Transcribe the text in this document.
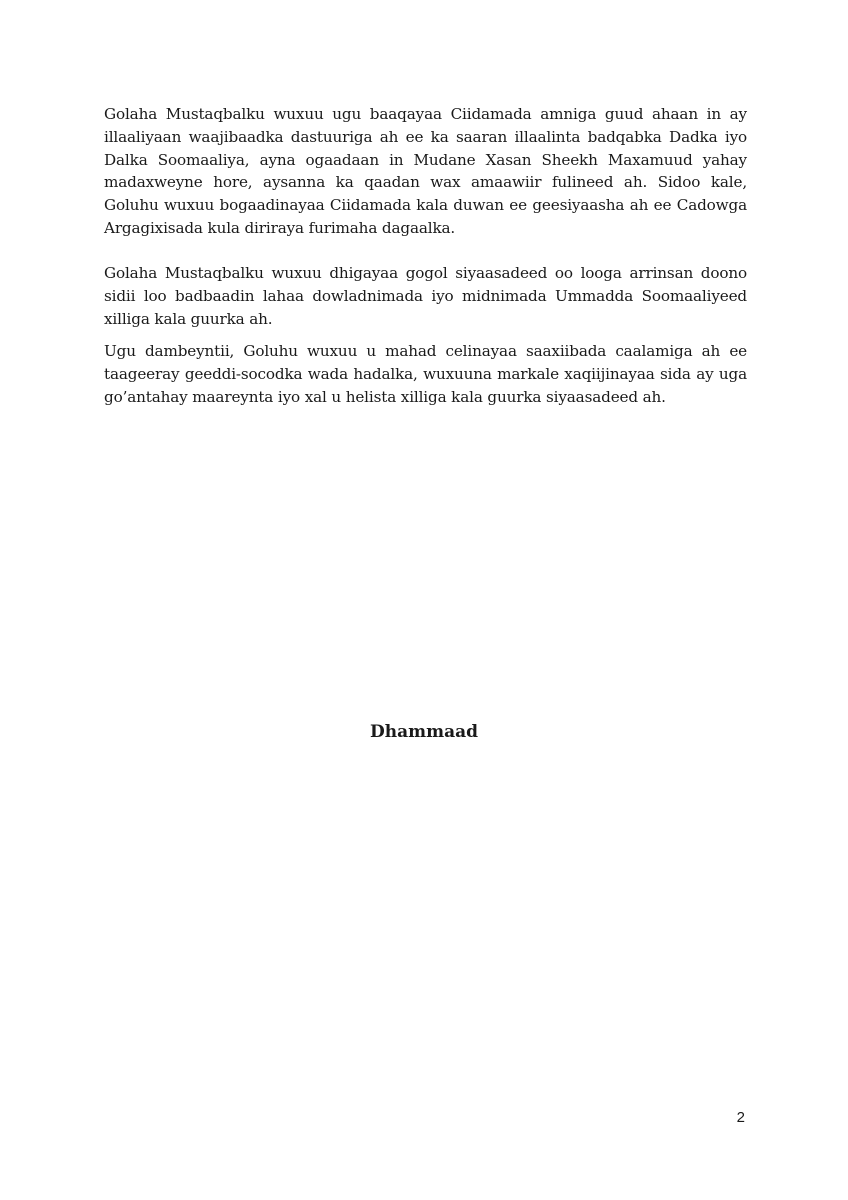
Golaha Mustaqbalku wuxuu ugu baaqayaa Ciidamada amniga guud ahaan in ay illaaliyaan waajibaadka dastuuriga ah ee ka saaran illaalinta badqabka Dadka iyo Dalka Soomaaliya, ayna ogaadaan in Mudane Xasan Sheekh Maxamuud yahay madaxweyne hore, aysanna ka qaadan wax amaawiir fulineed ah. Sidoo kale, Goluhu wuxuu bogaadinayaa Ciidamada kala duwan ee geesiyaasha ah ee Cadowga Argagixisada kula diriraya furimaha dagaalka.

Golaha Mustaqbalku wuxuu dhigayaa gogol siyaasadeed oo looga arrinsan doono sidii loo badbaadin lahaa dowladnimada iyo midnimada Ummadda Soomaaliyeed xilliga kala guurka ah.

Ugu dambeyntii, Goluhu wuxuu u mahad celinayaa saaxiibada caalamiga ah ee taageeray geeddi-socodka wada hadalka, wuxuuna markale xaqiijinayaa sida ay uga go’antahay maareynta iyo xal u helista xilliga kala guurka siyaasadeed ah.

Dhammaad

2
